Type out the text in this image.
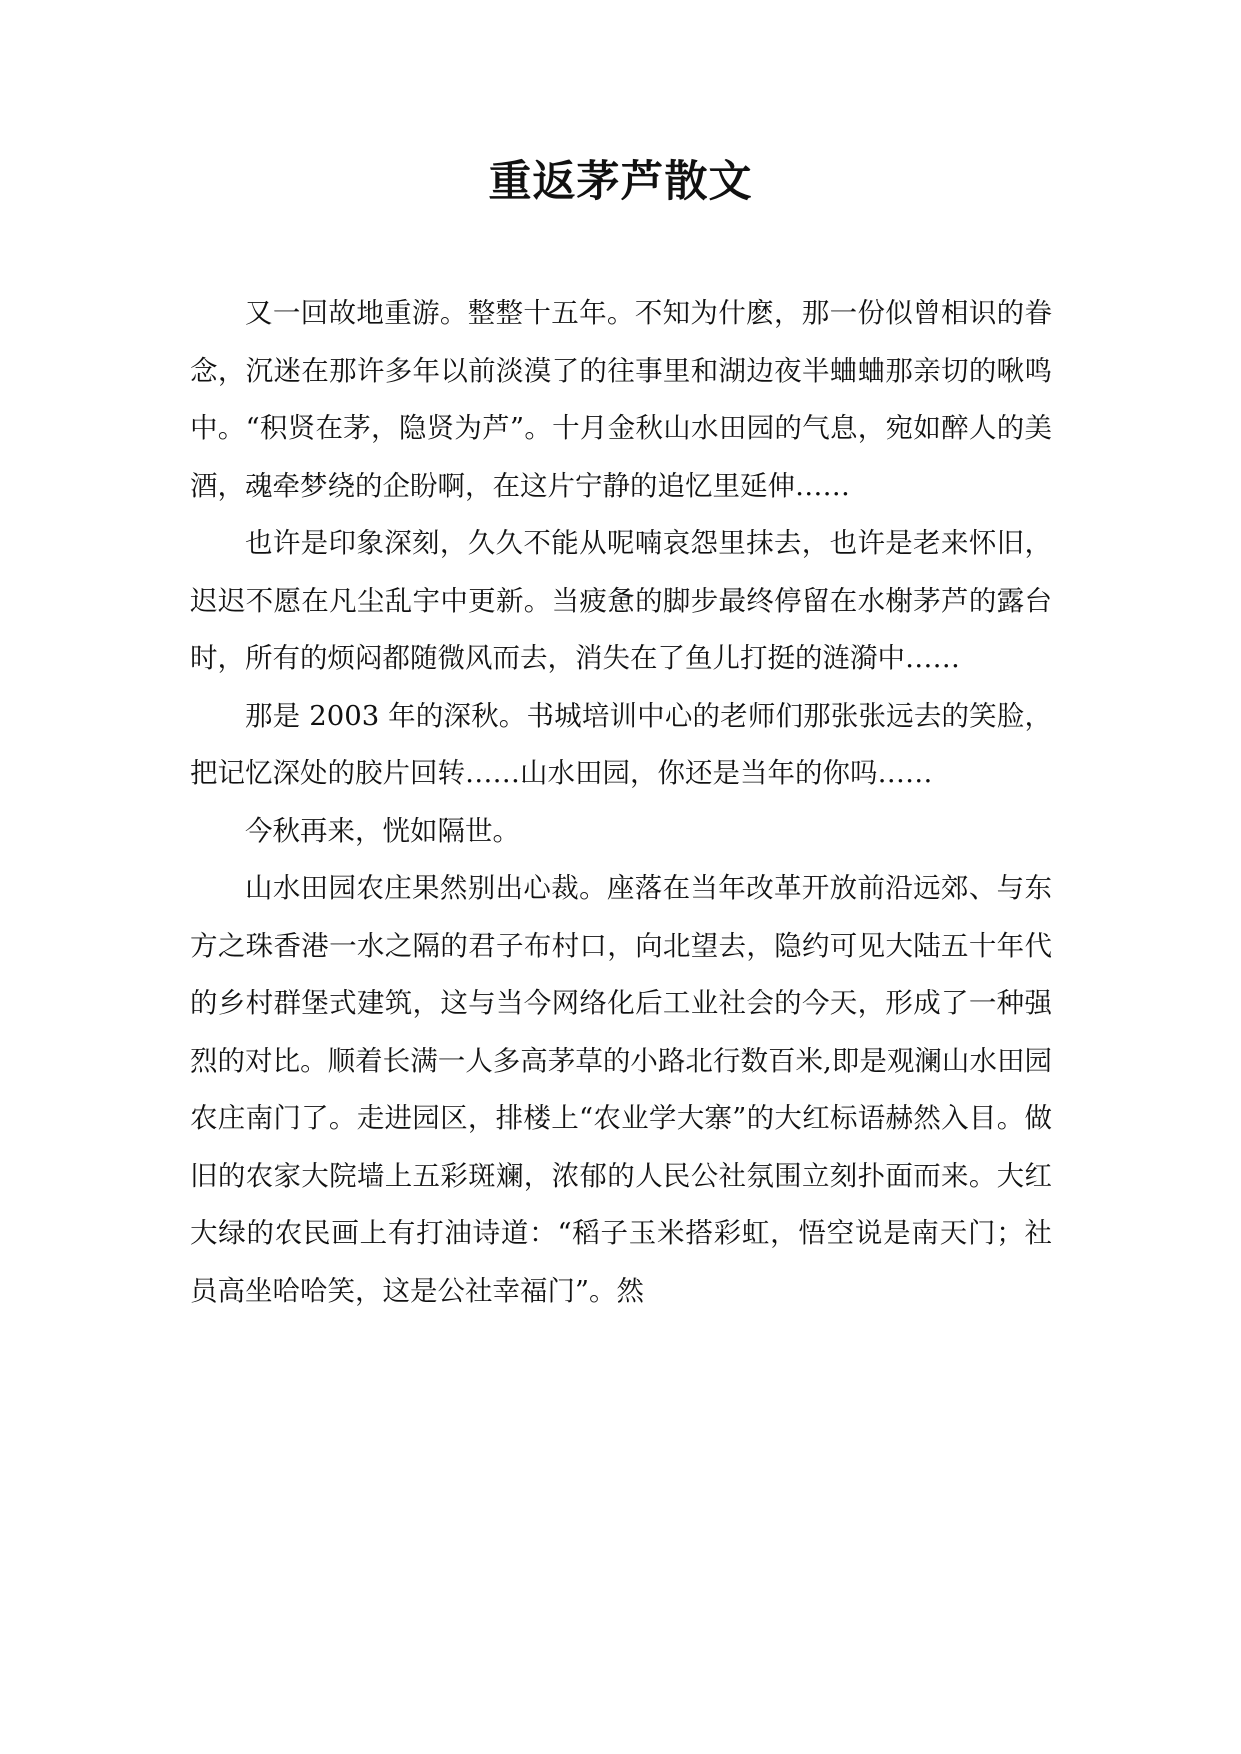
重返茅芦散文

又一回故地重游。整整十五年。不知为什麽，那一份似曾相识的眷念，沉迷在那许多年以前淡漠了的往事里和湖边夜半蛐蛐那亲切的啾鸣中。“积贤在茅，隐贤为芦”。十月金秋山水田园的气息，宛如醉人的美酒，魂牵梦绕的企盼啊，在这片宁静的追忆里延伸……

也许是印象深刻，久久不能从呢喃哀怨里抹去，也许是老来怀旧，迟迟不愿在凡尘乱宇中更新。当疲惫的脚步最终停留在水榭茅芦的露台时，所有的烦闷都随微风而去，消失在了鱼儿打挺的涟漪中……

那是 2003 年的深秋。书城培训中心的老师们那张张远去的笑脸，把记忆深处的胶片回转……山水田园，你还是当年的你吗……

今秋再来，恍如隔世。

山水田园农庄果然别出心裁。座落在当年改革开放前沿远郊、与东方之珠香港一水之隔的君子布村口，向北望去，隐约可见大陆五十年代的乡村群堡式建筑，这与当今网络化后工业社会的今天，形成了一种强烈的对比。顺着长满一人多高茅草的小路北行数百米,即是观澜山水田园农庄南门了。走进园区，排楼上“农业学大寨”的大红标语赫然入目。做旧的农家大院墙上五彩斑斓，浓郁的人民公社氛围立刻扑面而来。大红大绿的农民画上有打油诗道：“稻子玉米搭彩虹，悟空说是南天门；社员高坐哈哈笑，这是公社幸福门”。然
